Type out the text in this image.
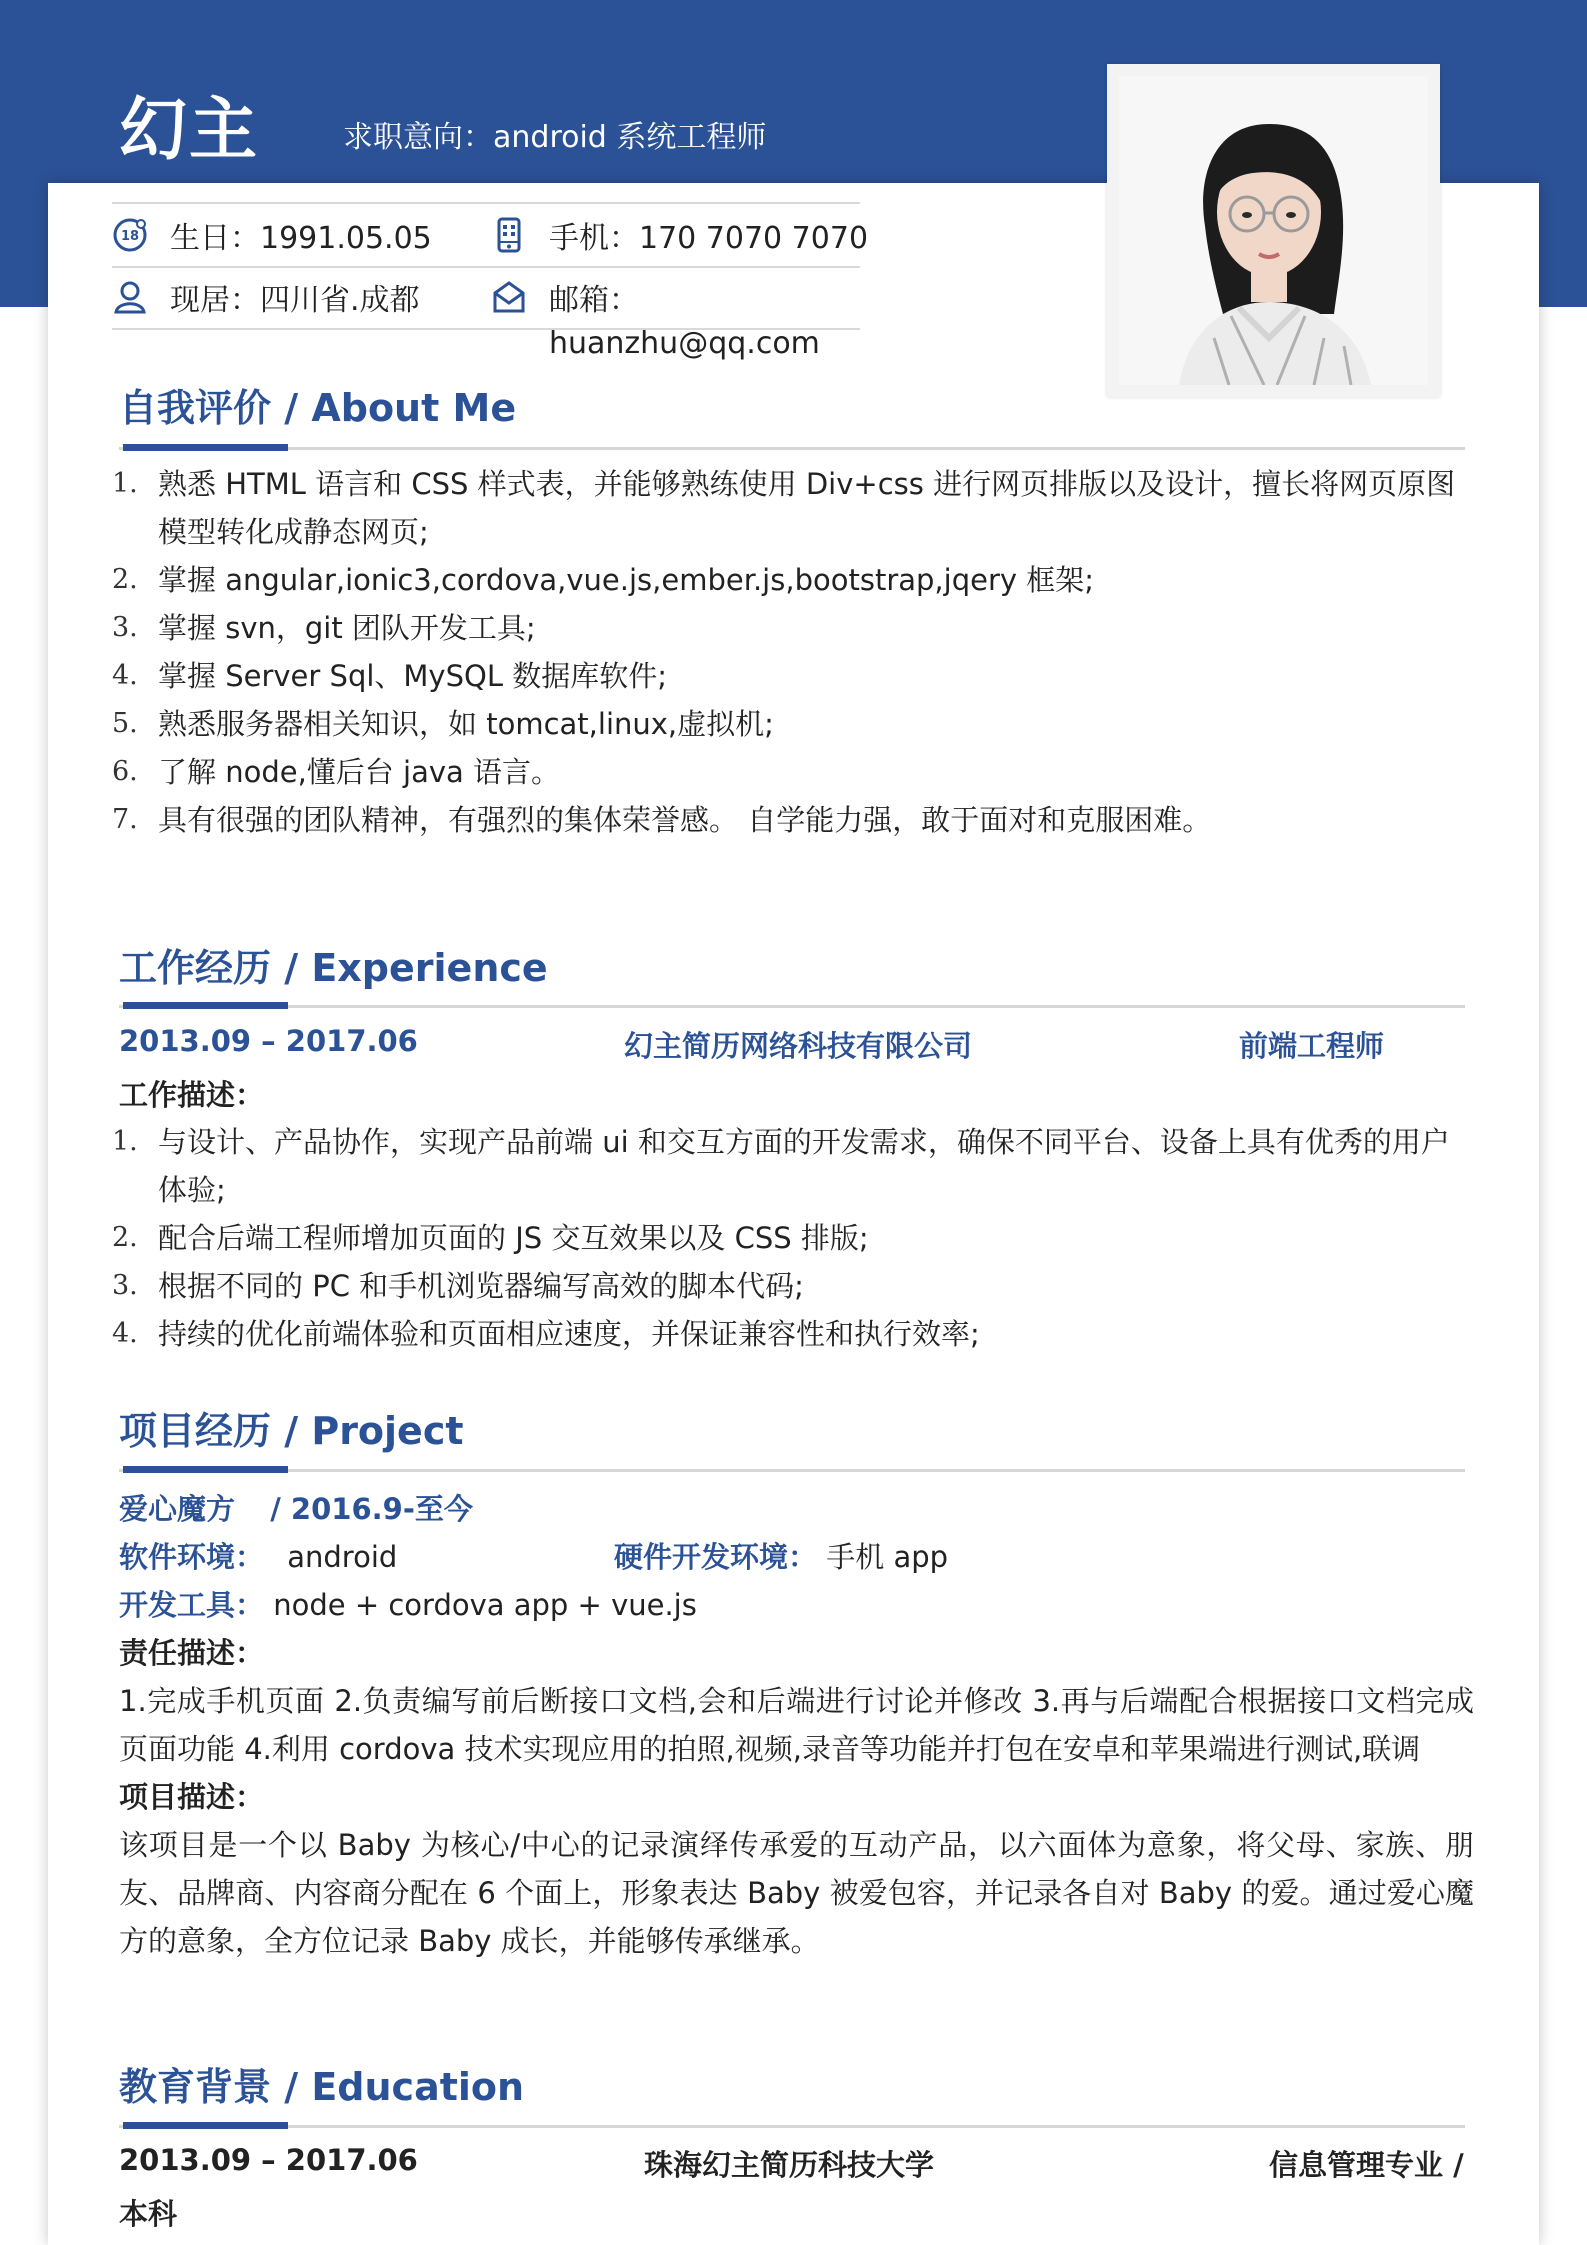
幻主	求职意向：android 系统工程师
18 生日：1991.05.05	手机：170 7070 7070
现居：四川省.成都	邮箱：
huanzhu@qq.com
自我评价 / About Me
1. 熟悉 HTML 语言和 CSS 样式表，并能够熟练使用 Div+css 进行网页排版以及设计，擅长将网页原图模型转化成静态网页;
2. 掌握 angular,ionic3,cordova,vue.js,ember.js,bootstrap,jqery 框架;
3. 掌握 svn，git 团队开发工具;
4. 掌握 Server Sql、MySQL 数据库软件;
5. 熟悉服务器相关知识，如 tomcat,linux,虚拟机;
6. 了解 node,懂后台 java 语言。
7. 具有很强的团队精神，有强烈的集体荣誉感。 自学能力强，敢于面对和克服困难。
工作经历 / Experience
2013.09 – 2017.06	幻主简历网络科技有限公司	前端工程师
工作描述：
1. 与设计、产品协作，实现产品前端 ui 和交互方面的开发需求，确保不同平台、设备上具有优秀的用户体验;
2. 配合后端工程师增加页面的 JS 交互效果以及 CSS 排版;
3. 根据不同的 PC 和手机浏览器编写高效的脚本代码;
4. 持续的优化前端体验和页面相应速度，并保证兼容性和执行效率;
项目经历 / Project
爱心魔方 / 2016.9-至今
软件环境： android	硬件开发环境： 手机 app
开发工具： node + cordova app + vue.js
责任描述：
1.完成手机页面 2.负责编写前后断接口文档,会和后端进行讨论并修改 3.再与后端配合根据接口文档完成页面功能 4.利用 cordova 技术实现应用的拍照,视频,录音等功能并打包在安卓和苹果端进行测试,联调
项目描述：
该项目是一个以 Baby 为核心/中心的记录演绎传承爱的互动产品，以六面体为意象，将父母、家族、朋友、品牌商、内容商分配在 6 个面上，形象表达 Baby 被爱包容，并记录各自对 Baby 的爱。通过爱心魔方的意象，全方位记录 Baby 成长，并能够传承继承。
教育背景 / Education
2013.09 – 2017.06	珠海幻主简历科技大学	信息管理专业 /
本科
